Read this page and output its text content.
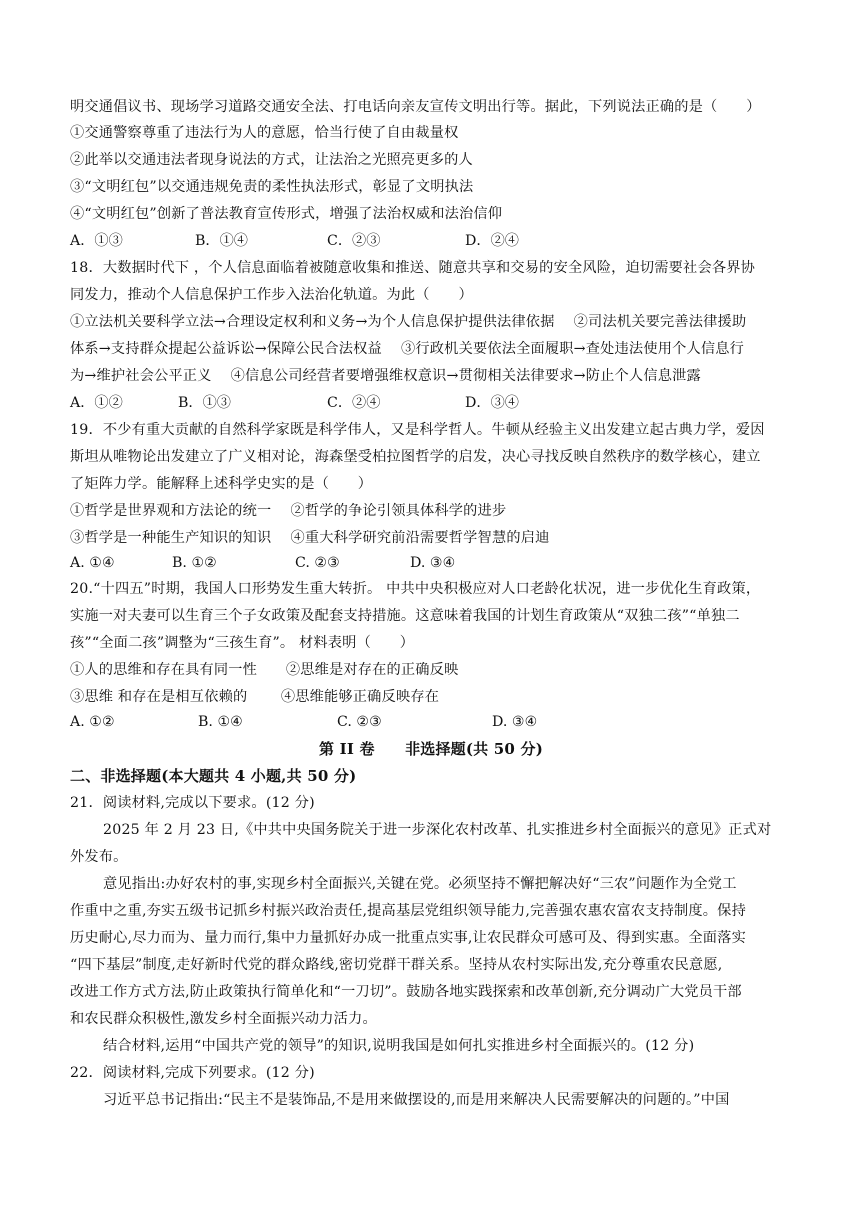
明交通倡议书、现场学习道路交通安全法、打电话向亲友宣传文明出行等。据此，下列说法正确的是（　　）
①交通警察尊重了违法行为人的意愿，恰当行使了自由裁量权
②此举以交通违法者现身说法的方式，让法治之光照亮更多的人
③“文明红包”以交通违规免责的柔性执法形式，彰显了文明执法
④“文明红包”创新了普法教育宣传形式，增强了法治权威和法治信仰
A．①③	B．①④	C．②③	D．②④
18．大数据时代下 ，个人信息面临着被随意收集和推送、随意共享和交易的安全风险，迫切需要社会各界协
同发力，推动个人信息保护工作步入法治化轨道。为此（　　）
①立法机关要科学立法→合理设定权利和义务→为个人信息保护提供法律依据　 ②司法机关要完善法律援助
体系→支持群众提起公益诉讼→保障公民合法权益　 ③行政机关要依法全面履职→查处违法使用个人信息行
为→维护社会公平正义　 ④信息公司经营者要增强维权意识→贯彻相关法律要求→防止个人信息泄露
A．①②	B．①③	C．②④	D．③④
19．不少有重大贡献的自然科学家既是科学伟人，又是科学哲人。牛顿从经验主义出发建立起古典力学，爱因
斯坦从唯物论出发建立了广义相对论，海森堡受柏拉图哲学的启发，决心寻找反映自然秩序的数学核心，建立
了矩阵力学。能解释上述科学史实的是（　　）
①哲学是世界观和方法论的统一　 ②哲学的争论引领具体科学的进步
③哲学是一种能生产知识的知识　 ④重大科学研究前沿需要哲学智慧的启迪
A. ①④	B. ①②	C. ②③	D. ③④
20.“十四五”时期，我国人口形势发生重大转折。 中共中央积极应对人口老龄化状况，进一步优化生育政策，
实施一对夫妻可以生育三个子女政策及配套支持措施。这意味着我国的计划生育政策从“双独二孩”“单独二
孩”“全面二孩”调整为“三孩生育”。 材料表明（　　）
①人的思维和存在具有同一性　　②思维是对存在的正确反映
③思维 和存在是相互依赖的　　 ④思维能够正确反映存在
A. ①②	B. ①④	C. ②③	D. ③④
第 II 卷　　非选择题(共 50 分)
二、非选择题(本大题共 4 小题,共 50 分)
21．阅读材料,完成以下要求。(12 分)
2025 年 2 月 23 日,《中共中央国务院关于进一步深化农村改革、扎实推进乡村全面振兴的意见》正式对
外发布。
意见指出:办好农村的事,实现乡村全面振兴,关键在党。必须坚持不懈把解决好“三农”问题作为全党工
作重中之重,夯实五级书记抓乡村振兴政治责任,提高基层党组织领导能力,完善强农惠农富农支持制度。保持
历史耐心,尽力而为、量力而行,集中力量抓好办成一批重点实事,让农民群众可感可及、得到实惠。全面落实
“四下基层”制度,走好新时代党的群众路线,密切党群干群关系。坚持从农村实际出发,充分尊重农民意愿,
改进工作方式方法,防止政策执行简单化和“一刀切”。鼓励各地实践探索和改革创新,充分调动广大党员干部
和农民群众积极性,激发乡村全面振兴动力活力。
结合材料,运用“中国共产党的领导”的知识,说明我国是如何扎实推进乡村全面振兴的。(12 分)
22．阅读材料,完成下列要求。(12 分)
习近平总书记指出:“民主不是装饰品,不是用来做摆设的,而是用来解决人民需要解决的问题的。”中国
